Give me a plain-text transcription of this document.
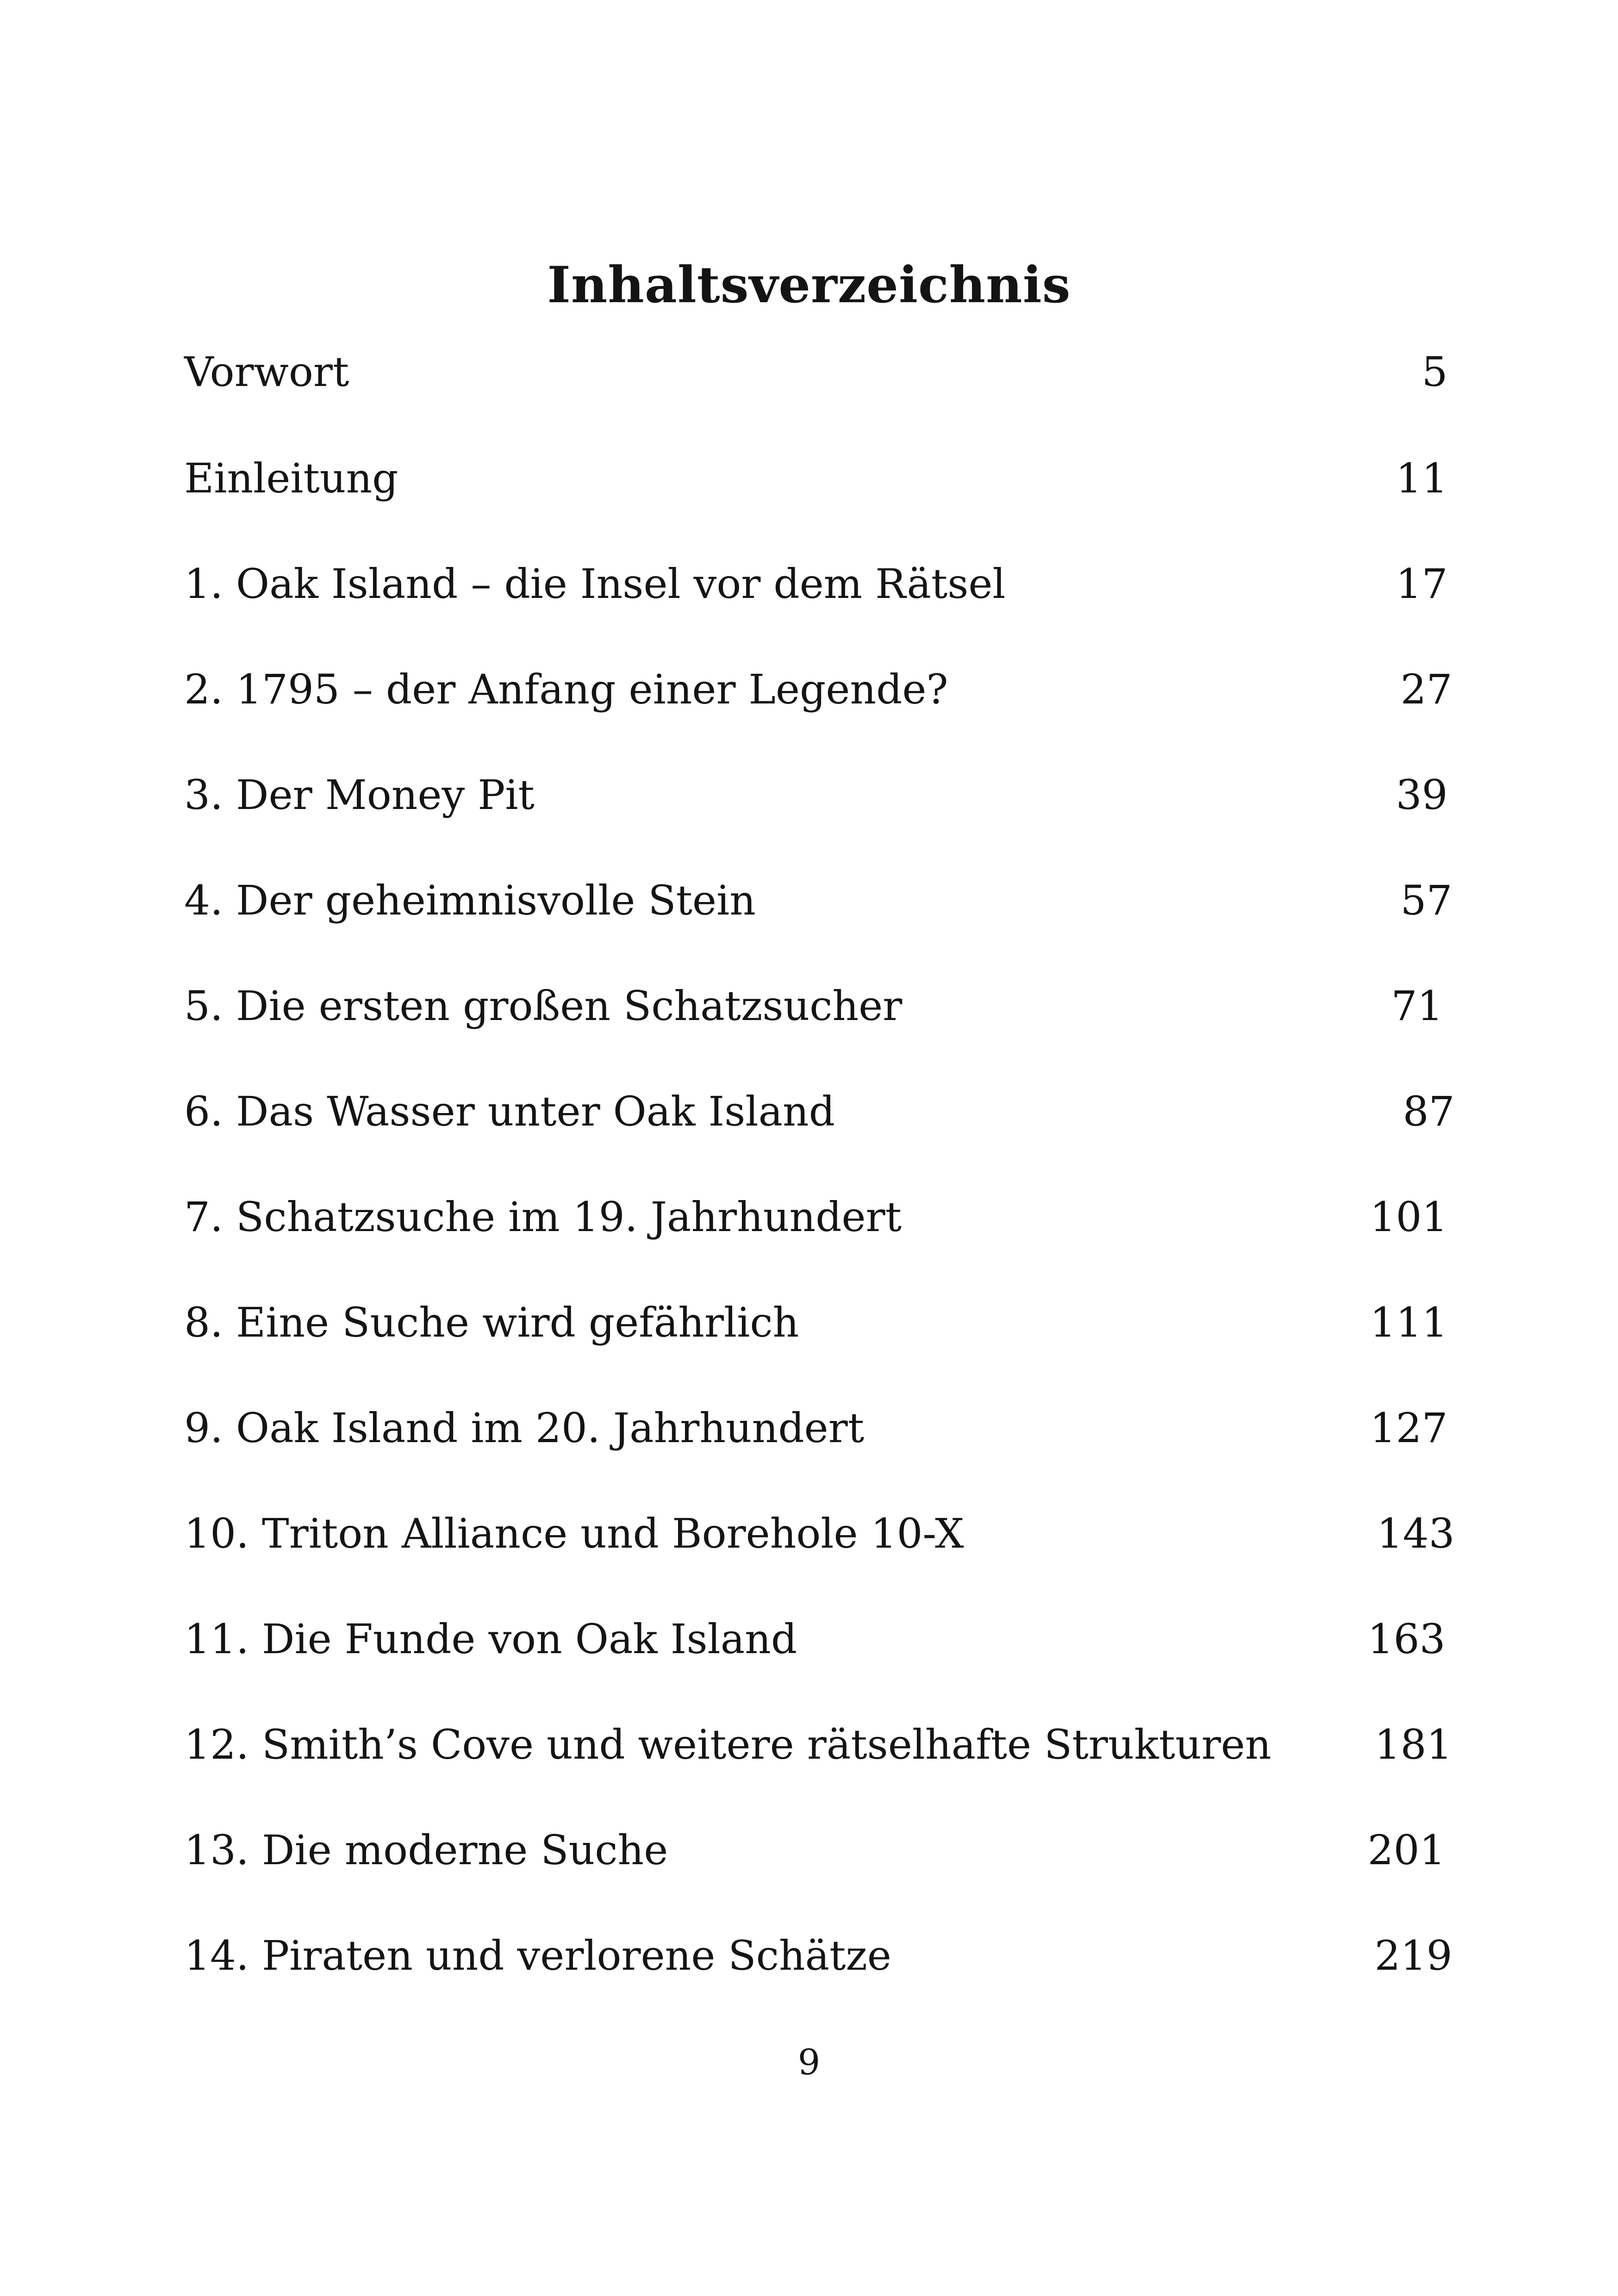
Inhaltsverzeichnis
Vorwort	5
Einleitung	11
1. Oak Island – die Insel vor dem Rätsel	17
2. 1795 – der Anfang einer Legende?	27
3. Der Money Pit	39
4. Der geheimnisvolle Stein	57
5. Die ersten großen Schatzsucher	71
6. Das Wasser unter Oak Island	87
7. Schatzsuche im 19. Jahrhundert	101
8. Eine Suche wird gefährlich	111
9. Oak Island im 20. Jahrhundert	127
10. Triton Alliance und Borehole 10-X	143
11. Die Funde von Oak Island	163
12. Smith’s Cove und weitere rätselhafte Strukturen	181
13. Die moderne Suche	201
14. Piraten und verlorene Schätze	219
9
